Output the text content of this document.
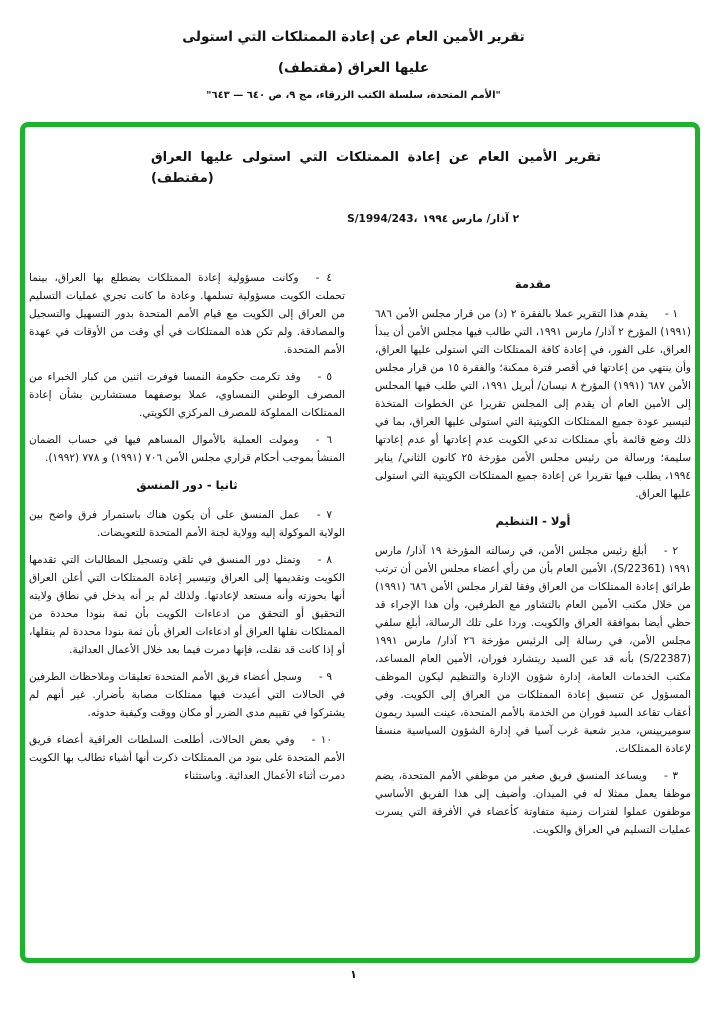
تقرير الأمين العام عن إعادة الممتلكات التي استولى
عليها العراق (مقتطف)
"الأمم المتحدة، سلسلة الكتب الزرقاء، مج ٩، ص ٦٤٠ — ٦٤٣"
تقرير الأمين العام عن إعادة الممتلكات التي استولى عليها العراق
(مقتطف)
S/1994/243، ٢ آذار/ مارس ١٩٩٤
مقدمة

١ -يقدم هذا التقرير عملا بالفقرة ٢ (د) من قرار مجلس الأمن ٦٨٦ (١٩٩١) المؤرخ ٢ آذار/ مارس ١٩٩١، التي طالب فيها مجلس الأمن أن يبدأ العراق، على الفور، في إعادة كافة الممتلكات التي استولى عليها العراق، وأن ينتهي من إعادتها في أقصر فترة ممكنة؛ والفقرة ١٥ من قرار مجلس الأمن ٦٨٧ (١٩٩١) المؤرخ ٨ نيسان/ أبريل ١٩٩١، التي طلب فيها المجلس إلى الأمين العام أن يقدم إلى المجلس تقريرا عن الخطوات المتخذة لتيسير عودة جميع الممتلكات الكويتية التي استولى عليها العراق، بما في ذلك وضع قائمة بأي ممتلكات تدعي الكويت عدم إعادتها أو عدم إعادتها سليمة؛ ورسالة من رئيس مجلس الأمن مؤرخة ٢٥ كانون الثاني/ يناير ١٩٩٤، يطلب فيها تقريرا عن إعادة جميع الممتلكات الكويتية التي استولى عليها العراق.

أولا - التنظيم

٢ -أبلغ رئيس مجلس الأمن، في رسالته المؤرخة ١٩ آذار/ مارس ١٩٩١ (S/22361)، الأمين العام بأن من رأي أعضاء مجلس الأمن أن ترتب طرائق إعادة الممتلكات من العراق وفقا لقرار مجلس الأمن ٦٨٦ (١٩٩١) من خلال مكتب الأمين العام بالتشاور مع الطرفين، وأن هذا الإجراء قد حظي أيضا بموافقة العراق والكويت. وردا على تلك الرسالة، أبلغ سلفي مجلس الأمن، في رسالة إلى الرئيس مؤرخة ٢٦ آذار/ مارس ١٩٩١ (S/22387) بأنه قد عين السيد ريتشارد فوران، الأمين العام المساعد، مكتب الخدمات العامة، إدارة شؤون الإدارة والتنظيم ليكون الموظف المسؤول عن تنسيق إعادة الممتلكات من العراق إلى الكويت. وفي أعقاب تقاعد السيد فوران من الخدمة بالأمم المتحدة، عينت السيد ريمون سوميريينس، مدير شعبة غرب آسيا في إدارة الشؤون السياسية منسقا لإعادة الممتلكات.

٣ -ويساعد المنسق فريق صغير من موظفي الأمم المتحدة، يضم موظفا يعمل ممثلا له في الميدان. وأضيف إلى هذا الفريق الأساسي موظفون عملوا لفترات زمنية متفاوتة كأعضاء في الأفرقة التي يسرت عمليات التسليم في العراق والكويت.

٤ -وكانت مسؤولية إعادة الممتلكات يضطلع بها العراق، بينما تحملت الكويت مسؤولية تسلمها. وعادة ما كانت تجري عمليات التسليم من العراق إلى الكويت مع قيام الأمم المتحدة بدور التسهيل والتسجيل والمصادقة. ولم تكن هذه الممتلكات في أي وقت من الأوقات في عهدة الأمم المتحدة.

٥ -وقد تكرمت حكومة النمسا فوفرت اثنين من كبار الخبراء من المصرف الوطني النمساوي، عملا بوصفهما مستشارين بشأن إعادة الممتلكات المملوكة للمصرف المركزي الكويتي.

٦ -ومولت العملية بالأموال المساهم فيها في حساب الضمان المنشأ بموجب أحكام قراري مجلس الأمن ٧٠٦ (١٩٩١) و ٧٧٨ (١٩٩٢).

ثانيا - دور المنسق

٧ -عمل المنسق على أن يكون هناك باستمرار فرق واضح بين الولاية الموكولة إليه وولاية لجنة الأمم المتحدة للتعويضات.

٨ -وتمثل دور المنسق في تلقي وتسجيل المطالبات التي تقدمها الكويت وتقديمها إلى العراق وتيسير إعادة الممتلكات التي أعلن العراق أنها بحوزته وأنه مستعد لإعادتها. ولذلك لم ير أنه يدخل في نطاق ولايته التحقيق أو التحقق من ادعاءات الكويت بأن ثمة بنودا محددة من الممتلكات نقلها العراق أو ادعاءات العراق بأن ثمة بنودا محددة لم ينقلها، أو إذا كانت قد نقلت، فإنها دمرت فيما بعد خلال الأعمال العدائية.

٩ -وسجل أعضاء فريق الأمم المتحدة تعليقات وملاحظات الطرفين في الحالات التي أعيدت فيها ممتلكات مصابة بأضرار. غير أنهم لم يشتركوا في تقييم مدى الضرر أو مكان ووقت وكيفية حدوثه.

١٠ -وفي بعض الحالات، أطلعت السلطات العراقية أعضاء فريق الأمم المتحدة على بنود من الممتلكات ذكرت أنها أشياء تطالب بها الكويت دمرت أثناء الأعمال العدائية. وباستثناء

١
